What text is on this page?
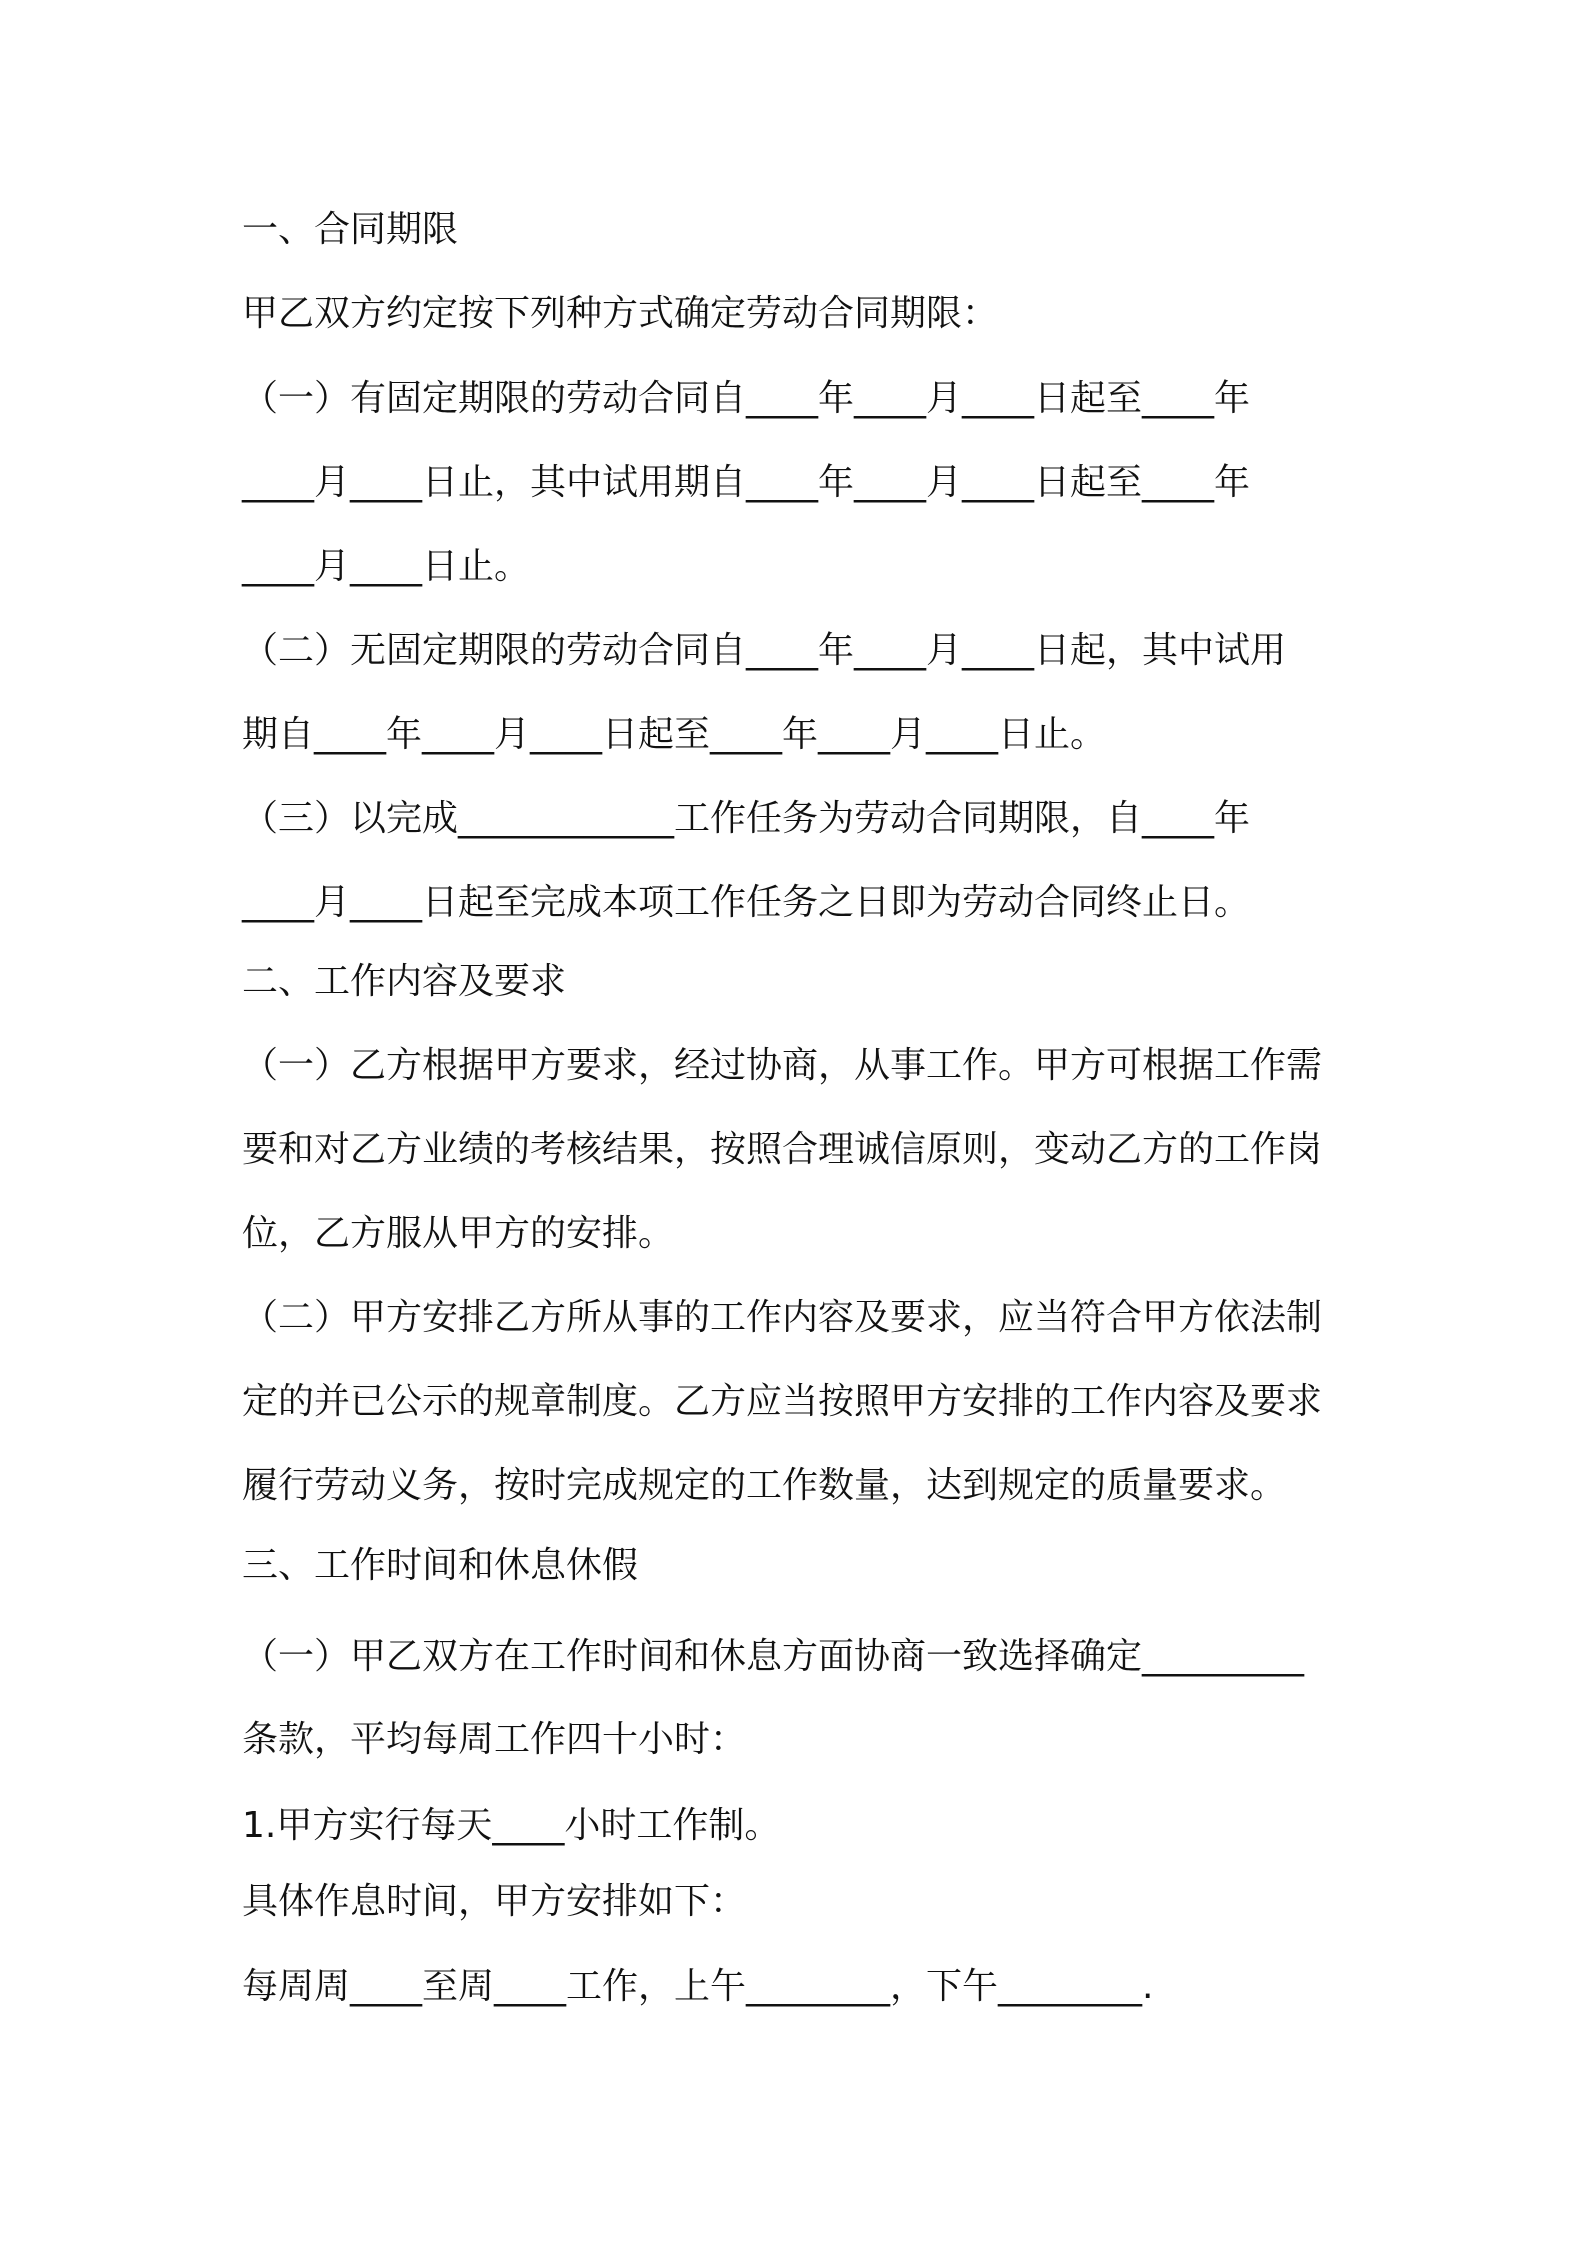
一、合同期限

甲乙双方约定按下列种方式确定劳动合同期限：

（一）有固定期限的劳动合同自____年____月____日起至____年

____月____日止，其中试用期自____年____月____日起至____年

____月____日止。

（二）无固定期限的劳动合同自____年____月____日起，其中试用

期自____年____月____日起至____年____月____日止。

（三）以完成____________工作任务为劳动合同期限，自____年

____月____日起至完成本项工作任务之日即为劳动合同终止日。

二、工作内容及要求

（一）乙方根据甲方要求，经过协商，从事工作。甲方可根据工作需

要和对乙方业绩的考核结果，按照合理诚信原则，变动乙方的工作岗

位，乙方服从甲方的安排。

（二）甲方安排乙方所从事的工作内容及要求，应当符合甲方依法制

定的并已公示的规章制度。乙方应当按照甲方安排的工作内容及要求

履行劳动义务，按时完成规定的工作数量，达到规定的质量要求。

三、工作时间和休息休假

（一）甲乙双方在工作时间和休息方面协商一致选择确定_________

条款，平均每周工作四十小时：

1.甲方实行每天____小时工作制。

具体作息时间，甲方安排如下：

每周周____至周____工作，上午________，下午________.
